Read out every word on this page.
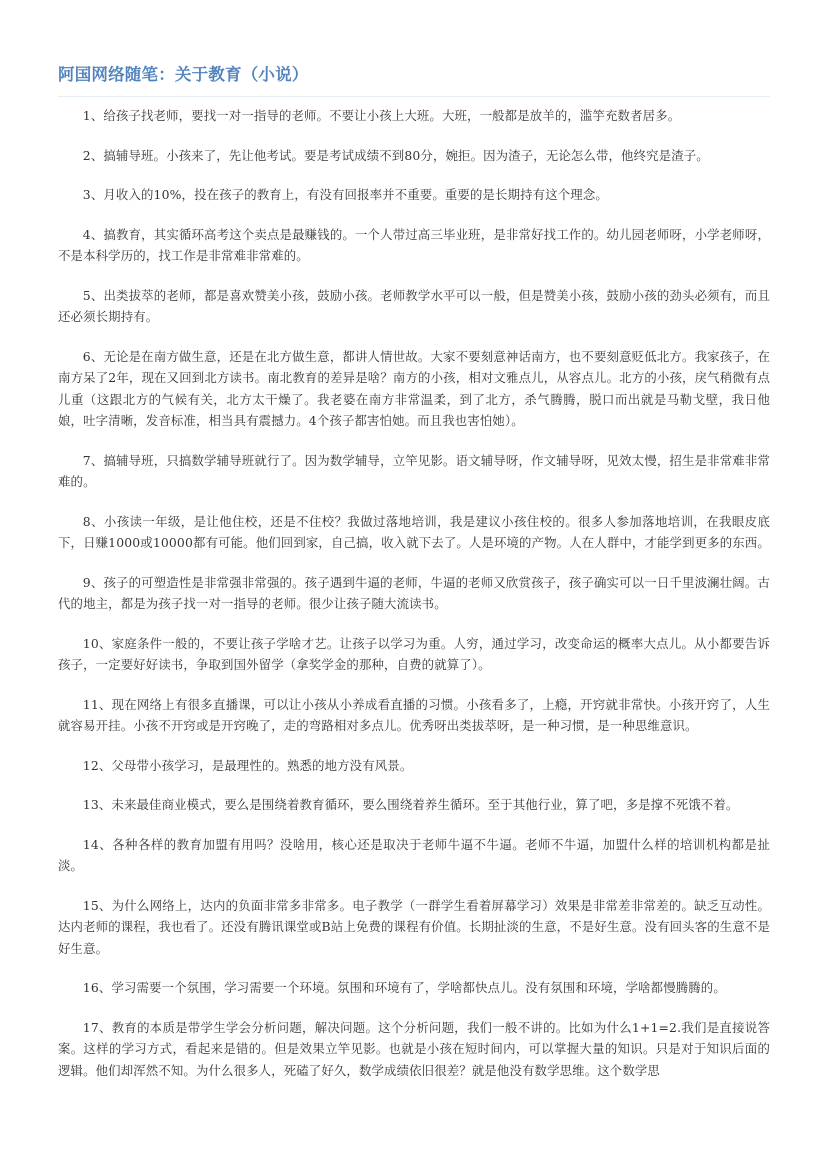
阿国网络随笔：关于教育（小说）

1、给孩子找老师，要找一对一指导的老师。不要让小孩上大班。大班，一般都是放羊的，滥竽充数者居多。

2、搞辅导班。小孩来了，先让他考试。要是考试成绩不到80分，婉拒。因为渣子，无论怎么带，他终究是渣子。

3、月收入的10%，投在孩子的教育上，有没有回报率并不重要。重要的是长期持有这个理念。

4、搞教育，其实循环高考这个卖点是最赚钱的。一个人带过高三毕业班，是非常好找工作的。幼儿园老师呀，小学老师呀，不是本科学历的，找工作是非常难非常难的。

5、出类拔萃的老师，都是喜欢赞美小孩，鼓励小孩。老师教学水平可以一般，但是赞美小孩，鼓励小孩的劲头必须有，而且还必须长期持有。

6、无论是在南方做生意，还是在北方做生意，都讲人情世故。大家不要刻意神话南方，也不要刻意贬低北方。我家孩子，在南方呆了2年，现在又回到北方读书。南北教育的差异是啥？南方的小孩，相对文雅点儿，从容点儿。北方的小孩，戾气稍微有点儿重（这跟北方的气候有关，北方太干燥了。我老婆在南方非常温柔，到了北方，杀气腾腾，脱口而出就是马勒戈壁，我日他娘，吐字清晰，发音标准，相当具有震撼力。4个孩子都害怕她。而且我也害怕她）。

7、搞辅导班，只搞数学辅导班就行了。因为数学辅导，立竿见影。语文辅导呀，作文辅导呀，见效太慢，招生是非常难非常难的。

8、小孩读一年级，是让他住校，还是不住校？我做过落地培训，我是建议小孩住校的。很多人参加落地培训，在我眼皮底下，日赚1000或10000都有可能。他们回到家，自己搞，收入就下去了。人是环境的产物。人在人群中，才能学到更多的东西。

9、孩子的可塑造性是非常强非常强的。孩子遇到牛逼的老师，牛逼的老师又欣赏孩子，孩子确实可以一日千里波澜壮阔。古代的地主，都是为孩子找一对一指导的老师。很少让孩子随大流读书。

10、家庭条件一般的，不要让孩子学啥才艺。让孩子以学习为重。人穷，通过学习，改变命运的概率大点儿。从小都要告诉孩子，一定要好好读书，争取到国外留学（拿奖学金的那种，自费的就算了）。

11、现在网络上有很多直播课，可以让小孩从小养成看直播的习惯。小孩看多了，上瘾，开窍就非常快。小孩开窍了，人生就容易开挂。小孩不开窍或是开窍晚了，走的弯路相对多点儿。优秀呀出类拔萃呀，是一种习惯，是一种思维意识。

12、父母带小孩学习，是最理性的。熟悉的地方没有风景。

13、未来最佳商业模式，要么是围绕着教育循环，要么围绕着养生循环。至于其他行业，算了吧，多是撑不死饿不着。

14、各种各样的教育加盟有用吗？没啥用，核心还是取决于老师牛逼不牛逼。老师不牛逼，加盟什么样的培训机构都是扯淡。

15、为什么网络上，达内的负面非常多非常多。电子教学（一群学生看着屏幕学习）效果是非常差非常差的。缺乏互动性。达内老师的课程，我也看了。还没有腾讯课堂或B站上免费的课程有价值。长期扯淡的生意，不是好生意。没有回头客的生意不是好生意。

16、学习需要一个氛围，学习需要一个环境。氛围和环境有了，学啥都快点儿。没有氛围和环境，学啥都慢腾腾的。

17、教育的本质是带学生学会分析问题，解决问题。这个分析问题，我们一般不讲的。比如为什么1+1=2.我们是直接说答案。这样的学习方式，看起来是错的。但是效果立竿见影。也就是小孩在短时间内，可以掌握大量的知识。只是对于知识后面的逻辑。他们却浑然不知。为什么很多人，死磕了好久，数学成绩依旧很差？就是他没有数学思维。这个数学思
